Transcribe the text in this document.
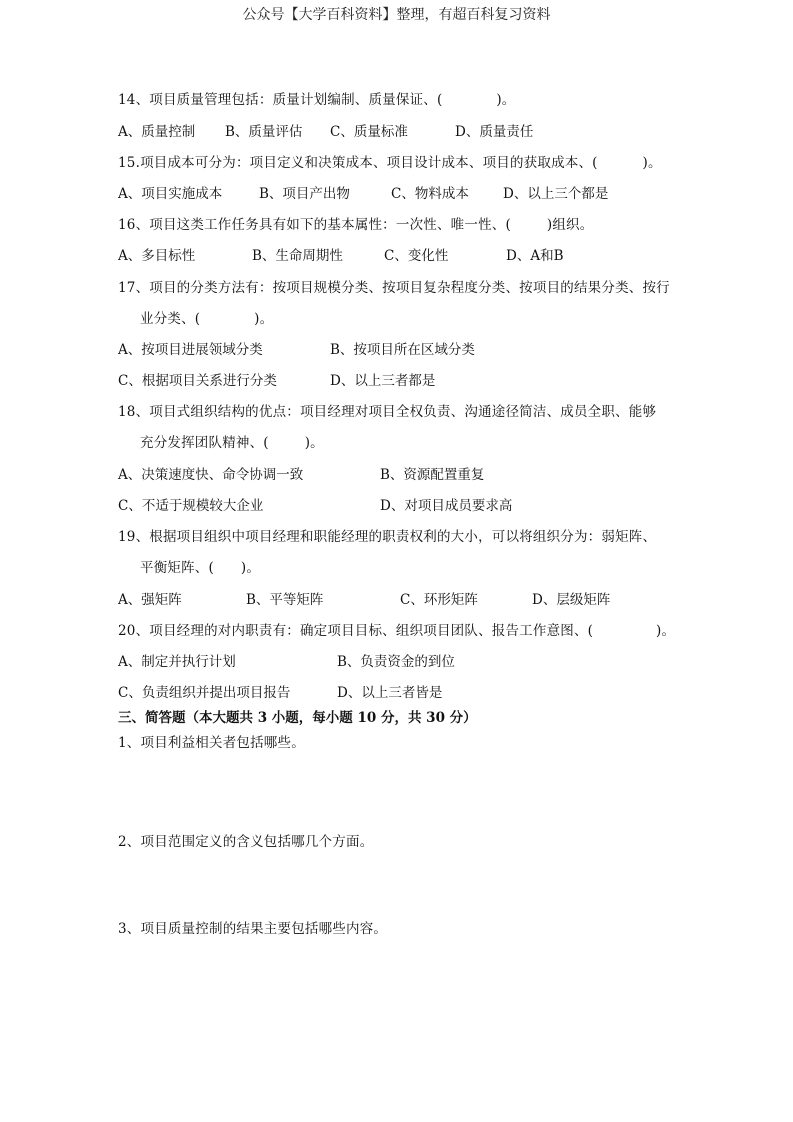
公众号【大学百科资料】整理，有超百科复习资料
14、项目质量管理包括：质量计划编制、质量保证、(            )。
A、质量控制 B、质量评估 C、质量标准	D、质量责任
15.项目成本可分为：项目定义和决策成本、项目设计成本、项目的获取成本、(          )。
A、项目实施成本	B、项目产出物	C、物料成本	D、以上三个都是
16、项目这类工作任务具有如下的基本属性：一次性、唯一性、(        )组织。
A、多目标性	B、生命周期性	C、变化性	D、A和B
17、项目的分类方法有：按项目规模分类、按项目复杂程度分类、按项目的结果分类、按行
业分类、(            )。
A、按项目进展领域分类	B、按项目所在区域分类
C、根据项目关系进行分类	D、以上三者都是
18、项目式组织结构的优点：项目经理对项目全权负责、沟通途径简洁、成员全职、能够
充分发挥团队精神、(        )。
A、决策速度快、命令协调一致	B、资源配置重复
C、不适于规模较大企业	D、对项目成员要求高
19、根据项目组织中项目经理和职能经理的职责权利的大小，可以将组织分为：弱矩阵、
平衡矩阵、(      )。
A、强矩阵	B、平等矩阵	C、环形矩阵	D、层级矩阵
20、项目经理的对内职责有：确定项目目标、组织项目团队、报告工作意图、(              )。
A、制定并执行计划	B、负责资金的到位
C、负责组织并提出项目报告	D、以上三者皆是
三、简答题（本大题共 3 小题，每小题 10 分，共 30 分）
1、项目利益相关者包括哪些。
2、项目范围定义的含义包括哪几个方面。
3、项目质量控制的结果主要包括哪些内容。
